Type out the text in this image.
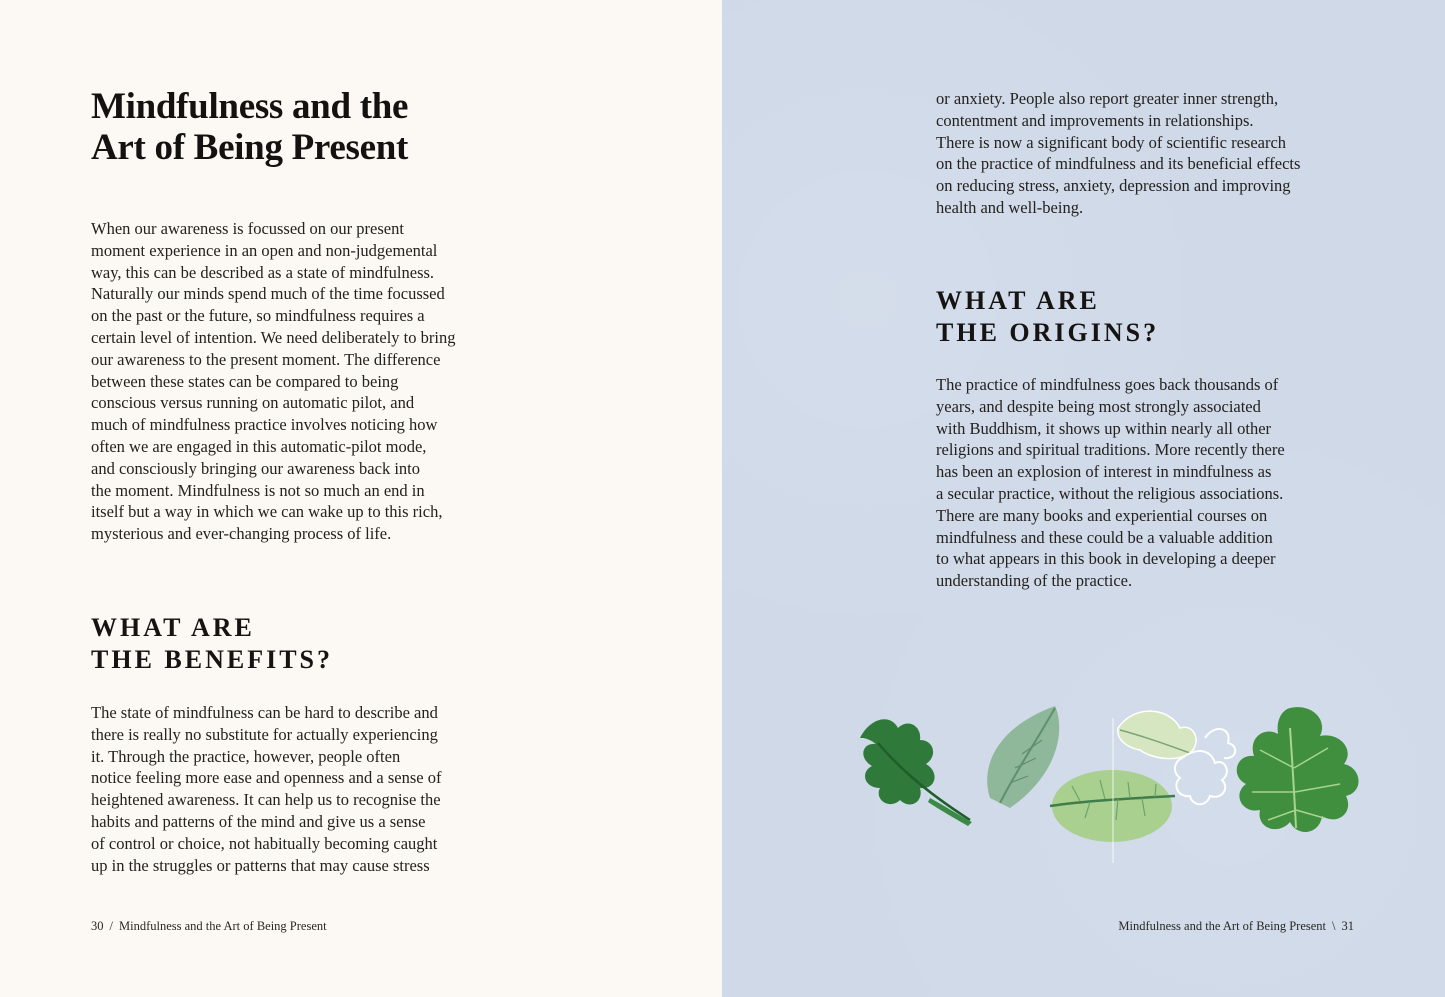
Mindfulness and the
Art of Being Present

When our awareness is focussed on our present
moment experience in an open and non-judgemental
way, this can be described as a state of mindfulness.
Naturally our minds spend much of the time focussed
on the past or the future, so mindfulness requires a
certain level of intention. We need deliberately to bring
our awareness to the present moment. The difference
between these states can be compared to being
conscious versus running on automatic pilot, and
much of mindfulness practice involves noticing how
often we are engaged in this automatic-pilot mode,
and consciously bringing our awareness back into
the moment. Mindfulness is not so much an end in
itself but a way in which we can wake up to this rich,
mysterious and ever-changing process of life.

WHAT ARE
THE BENEFITS?

The state of mindfulness can be hard to describe and
there is really no substitute for actually experiencing
it. Through the practice, however, people often
notice feeling more ease and openness and a sense of
heightened awareness. It can help us to recognise the
habits and patterns of the mind and give us a sense
of control or choice, not habitually becoming caught
up in the struggles or patterns that may cause stress

30 / Mindfulness and the Art of Being Present

or anxiety. People also report greater inner strength,
contentment and improvements in relationships.
There is now a significant body of scientific research
on the practice of mindfulness and its beneficial effects
on reducing stress, anxiety, depression and improving
health and well-being.

WHAT ARE
THE ORIGINS?

The practice of mindfulness goes back thousands of
years, and despite being most strongly associated
with Buddhism, it shows up within nearly all other
religions and spiritual traditions. More recently there
has been an explosion of interest in mindfulness as
a secular practice, without the religious associations.
There are many books and experiential courses on
mindfulness and these could be a valuable addition
to what appears in this book in developing a deeper
understanding of the practice.

Mindfulness and the Art of Being Present \ 31
